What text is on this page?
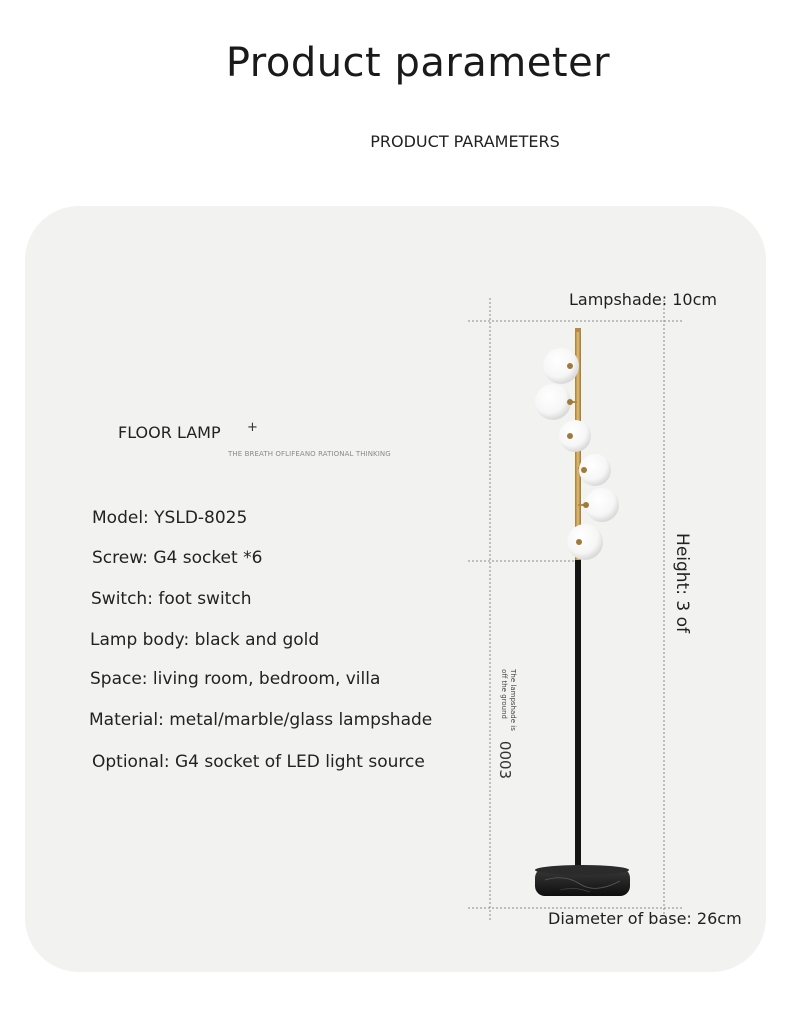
Product parameter
PRODUCT PARAMETERS
FLOOR LAMP +
THE BREATH OFLIFEANO RATIONAL THINKING
Model: YSLD-8025
Screw: G4 socket *6
Switch: foot switch
Lamp body: black and gold
Space: living room, bedroom, villa
Material: metal/marble/glass lampshade
Optional: G4 socket of LED light source
Lampshade: 10cm
Height: 3 of
The lampshade is
off the ground
0003
Diameter of base: 26cm
